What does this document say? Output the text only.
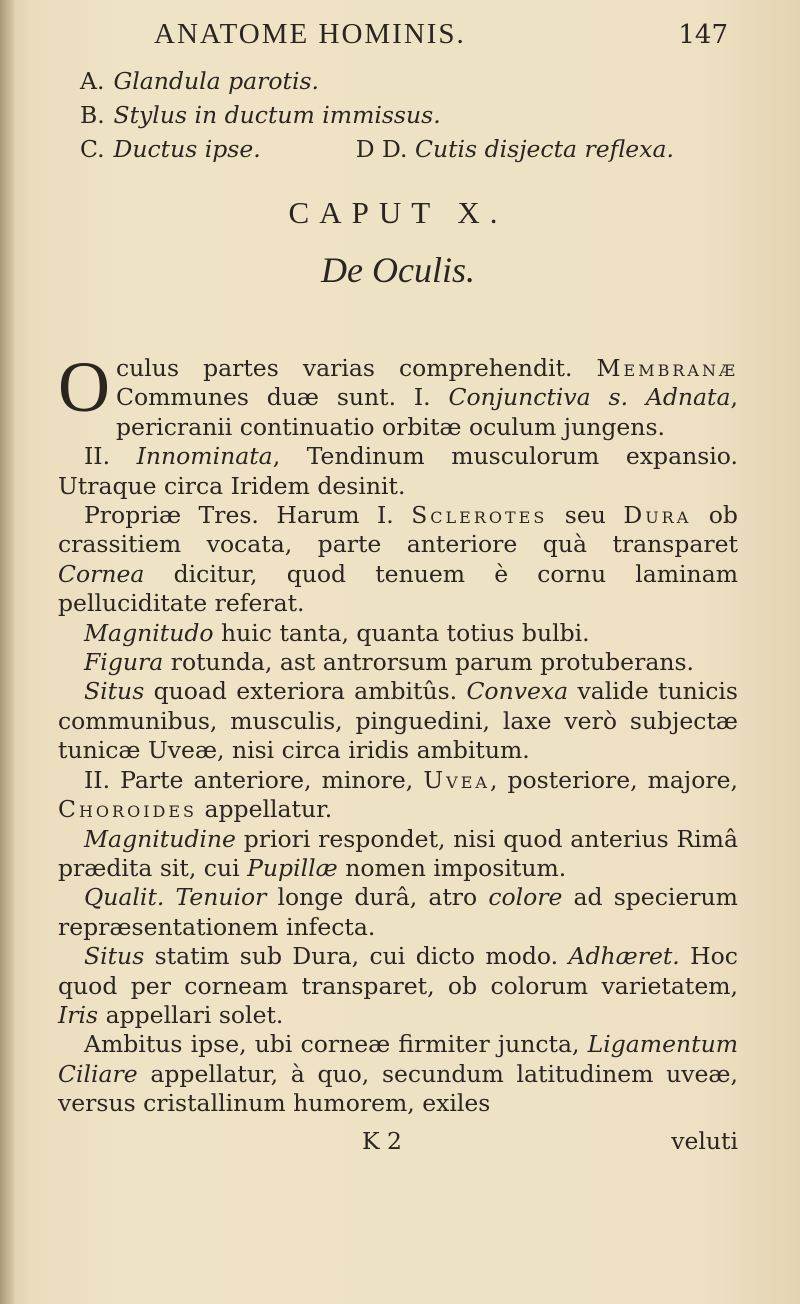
ANATOME HOMINIS.	147
A. Glandula parotis.
B. Stylus in ductum immissus.
C. Ductus ipse.	D D. Cutis disjecta reflexa.
CAPUT X.
De Oculis.

Oculus partes varias comprehendit. Membranæ Communes duæ sunt. I. Conjunctiva s. Adnata, pericranii continuatio orbitæ oculum jungens.

II. Innominata, Tendinum musculorum expansio. Utraque circa Iridem desinit.

Propriæ Tres. Harum I. Sclerotes seu Dura ob crassitiem vocata, parte anteriore quà transparet Cornea dicitur, quod tenuem è cornu laminam pelluciditate referat.

Magnitudo huic tanta, quanta totius bulbi.

Figura rotunda, ast antrorsum parum protuberans.

Situs quoad exteriora ambitûs. Convexa valide tunicis communibus, musculis, pinguedini, laxe verò subjectæ tunicæ Uveæ, nisi circa iridis ambitum.

II. Parte anteriore, minore, Uvea, posteriore, majore, Choroides appellatur.

Magnitudine priori respondet, nisi quod anterius Rimâ prædita sit, cui Pupillæ nomen impositum.

Qualit. Tenuior longe durâ, atro colore ad specierum repræsentationem infecta.

Situs statim sub Dura, cui dicto modo. Adhæret. Hoc quod per corneam transparet, ob colorum varietatem, Iris appellari solet.

Ambitus ipse, ubi corneæ firmiter juncta, Ligamentum Ciliare appellatur, à quo, secundum latitudinem uveæ, versus cristallinum humorem, exiles

K 2	veluti
